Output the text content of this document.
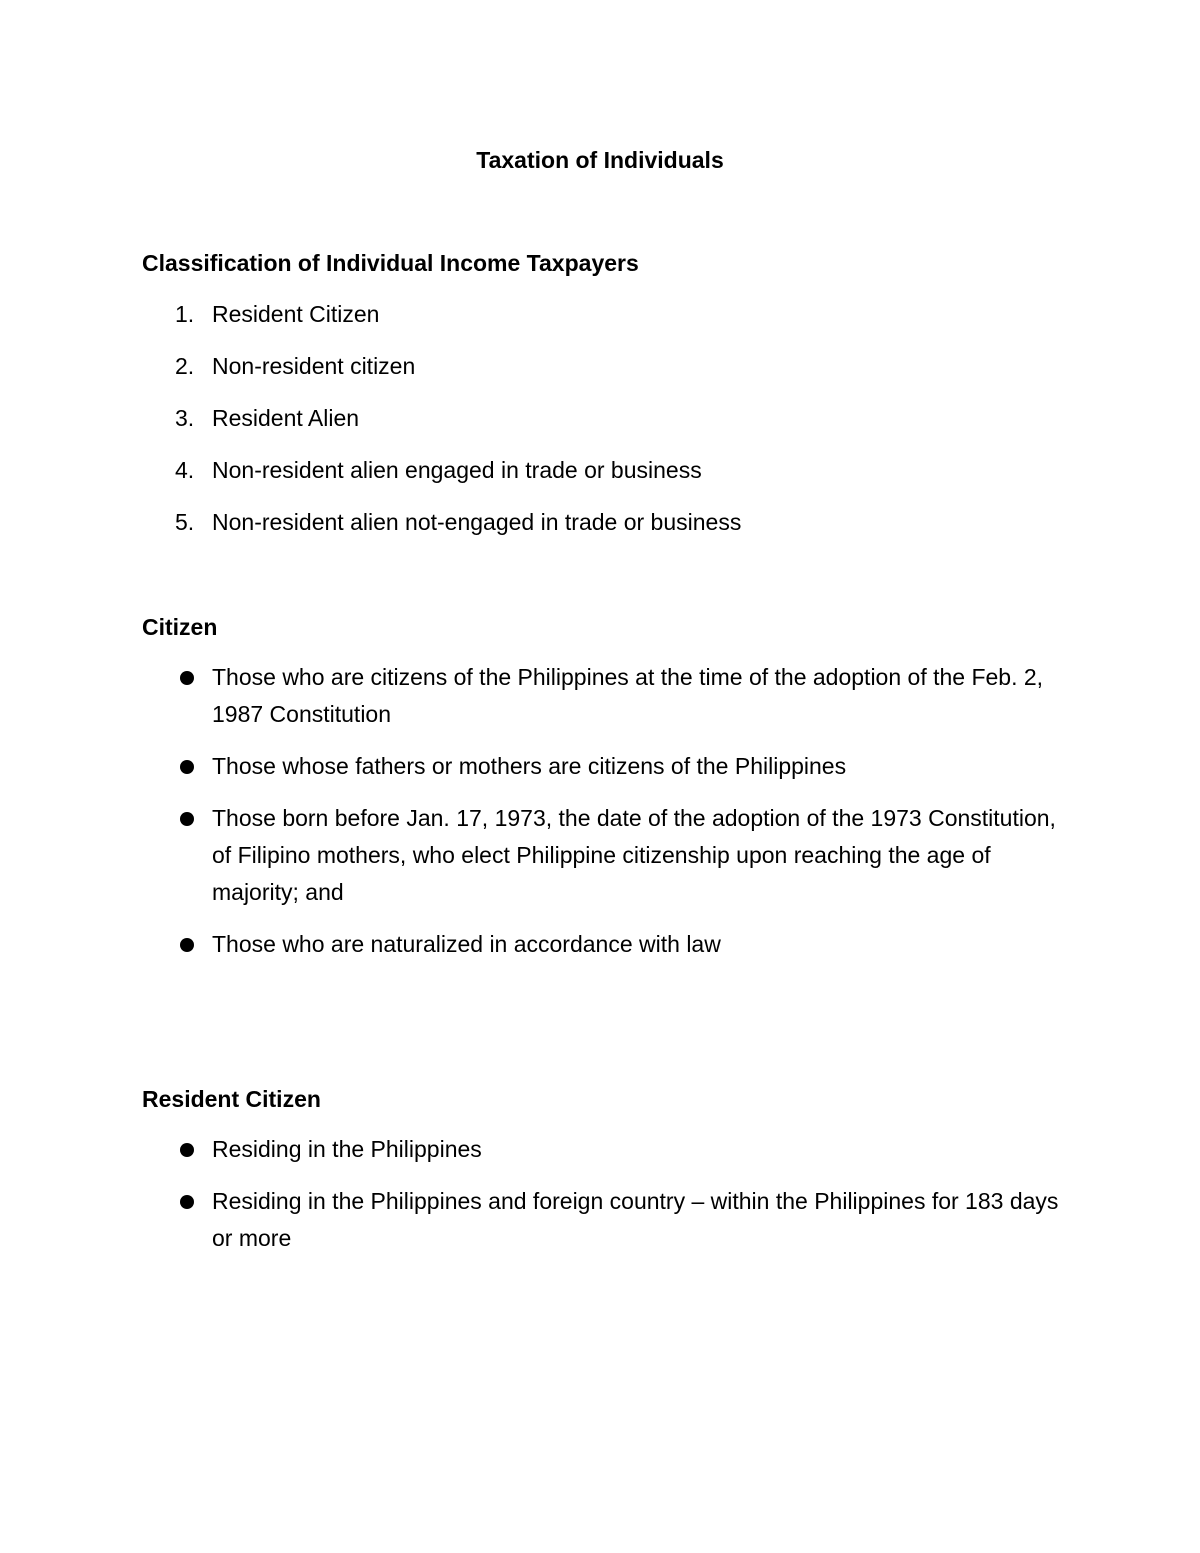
Taxation of Individuals
Classification of Individual Income Taxpayers
1. Resident Citizen
2. Non-resident citizen
3. Resident Alien
4. Non-resident alien engaged in trade or business
5. Non-resident alien not-engaged in trade or business
Citizen
Those who are citizens of the Philippines at the time of the adoption of the Feb. 2, 1987 Constitution
Those whose fathers or mothers are citizens of the Philippines
Those born before Jan. 17, 1973, the date of the adoption of the 1973 Constitution, of Filipino mothers, who elect Philippine citizenship upon reaching the age of majority; and
Those who are naturalized in accordance with law
Resident Citizen
Residing in the Philippines
Residing in the Philippines and foreign country – within the Philippines for 183 days or more
